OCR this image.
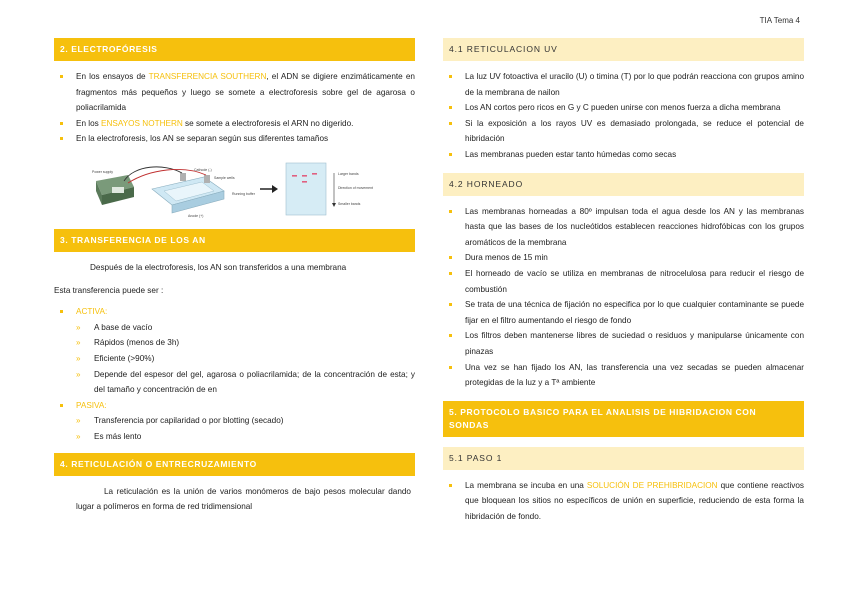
TIA Tema 4
2. ELECTROFÓRESIS
En los ensayos de TRANSFERENCIA SOUTHERN, el ADN se digiere enzimáticamente en fragmentos más pequeños y luego se somete a electroforesis sobre gel de agarosa o poliacrilamida
En los ENSAYOS NOTHERN se somete a electroforesis el ARN no digerido.
En la electroforesis, los AN se separan según sus diferentes tamaños
Power supply	Cathode (-)
Sample wells
Running buffer
Anode (+)
Larger bands
Direction of movement
Smaller bands
3. TRANSFERENCIA DE LOS AN
Después de la electroforesis, los AN son transferidos a una membrana
Esta transferencia puede ser :
ACTIVA:
» A base de vacío
» Rápidos (menos de 3h)
» Eficiente (>90%)
» Depende del espesor del gel, agarosa o poliacrilamida; de la concentración de esta; y del tamaño y concentración de en
PASIVA:
» Transferencia por capilaridad o por blotting (secado)
» Es más lento
4. RETICULACIÓN O ENTRECRUZAMIENTO
La reticulación es la unión de varios monómeros de bajo pesos molecular dando lugar a polímeros en forma de red tridimensional
4.1 RETICULACION UV
La luz UV fotoactiva el uracilo (U) o timina (T) por lo que podrán reacciona con grupos amino de la membrana de nailon
Los AN cortos pero ricos en G y C pueden unirse con menos fuerza a dicha membrana
Si la exposición a los rayos UV es demasiado prolongada, se reduce el potencial de hibridación
Las membranas pueden estar tanto húmedas como secas
4.2 HORNEADO
Las membranas horneadas a 80º impulsan toda el agua desde los AN y las membranas hasta que las bases de los nucleótidos establecen reacciones hidrofóbicas con los grupos aromáticos de la membrana
Dura menos de 15 min
El horneado de vacío se utiliza en membranas de nitrocelulosa para reducir el riesgo de combustión
Se trata de una técnica de fijación no especifica por lo que cualquier contaminante se puede fijar en el filtro aumentando el riesgo de fondo
Los filtros deben mantenerse libres de suciedad o residuos y manipularse únicamente con pinazas
Una vez se han fijado los AN, las transferencia una vez secadas se pueden almacenar protegidas de la luz y a Tª ambiente
5. PROTOCOLO BASICO PARA EL ANALISIS DE HIBRIDACION CON SONDAS
5.1 PASO 1
La membrana se incuba en una SOLUCIÓN DE PREHIBRIDACION que contiene reactivos que bloquean los sitios no específicos de unión en superficie, reduciendo de esta forma la hibridación de fondo.
